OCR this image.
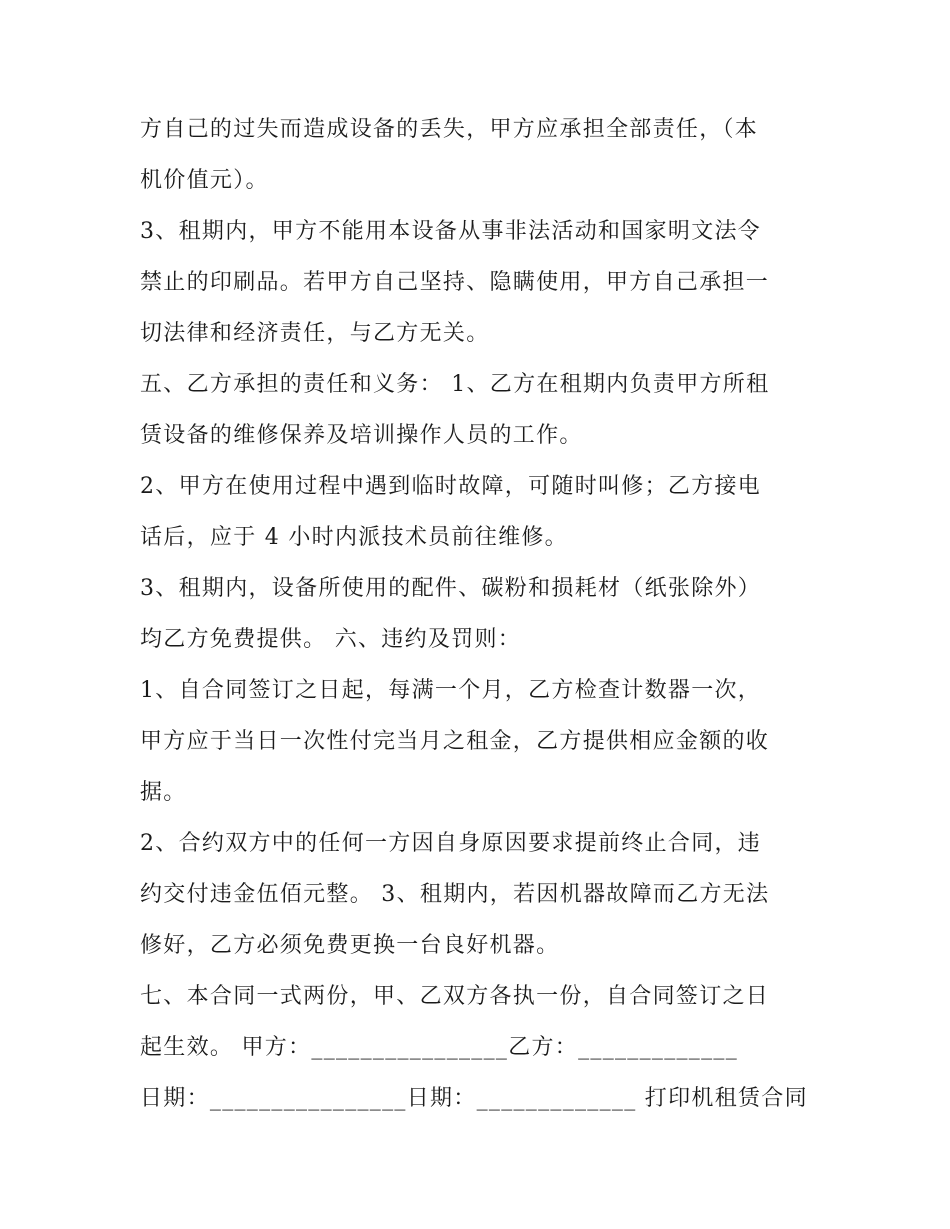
方自己的过失而造成设备的丢失，甲方应承担全部责任，（本
机价值元）。
3、租期内，甲方不能用本设备从事非法活动和国家明文法令
禁止的印刷品。若甲方自己坚持、隐瞒使用，甲方自己承担一
切法律和经济责任，与乙方无关。
五、乙方承担的责任和义务： 1、乙方在租期内负责甲方所租
赁设备的维修保养及培训操作人员的工作。
2、甲方在使用过程中遇到临时故障，可随时叫修；乙方接电
话后，应于 4 小时内派技术员前往维修。
3、租期内，设备所使用的配件、碳粉和损耗材（纸张除外）
均乙方免费提供。 六、违约及罚则：
1、自合同签订之日起，每满一个月，乙方检查计数器一次，
甲方应于当日一次性付完当月之租金，乙方提供相应金额的收
据。
2、合约双方中的任何一方因自身原因要求提前终止合同，违
约交付违金伍佰元整。 3、租期内，若因机器故障而乙方无法
修好，乙方必须免费更换一台良好机器。
七、本合同一式两份，甲、乙双方各执一份，自合同签订之日
起生效。 甲方：________________乙方：_____________
日期：________________日期：_____________ 打印机租赁合同
